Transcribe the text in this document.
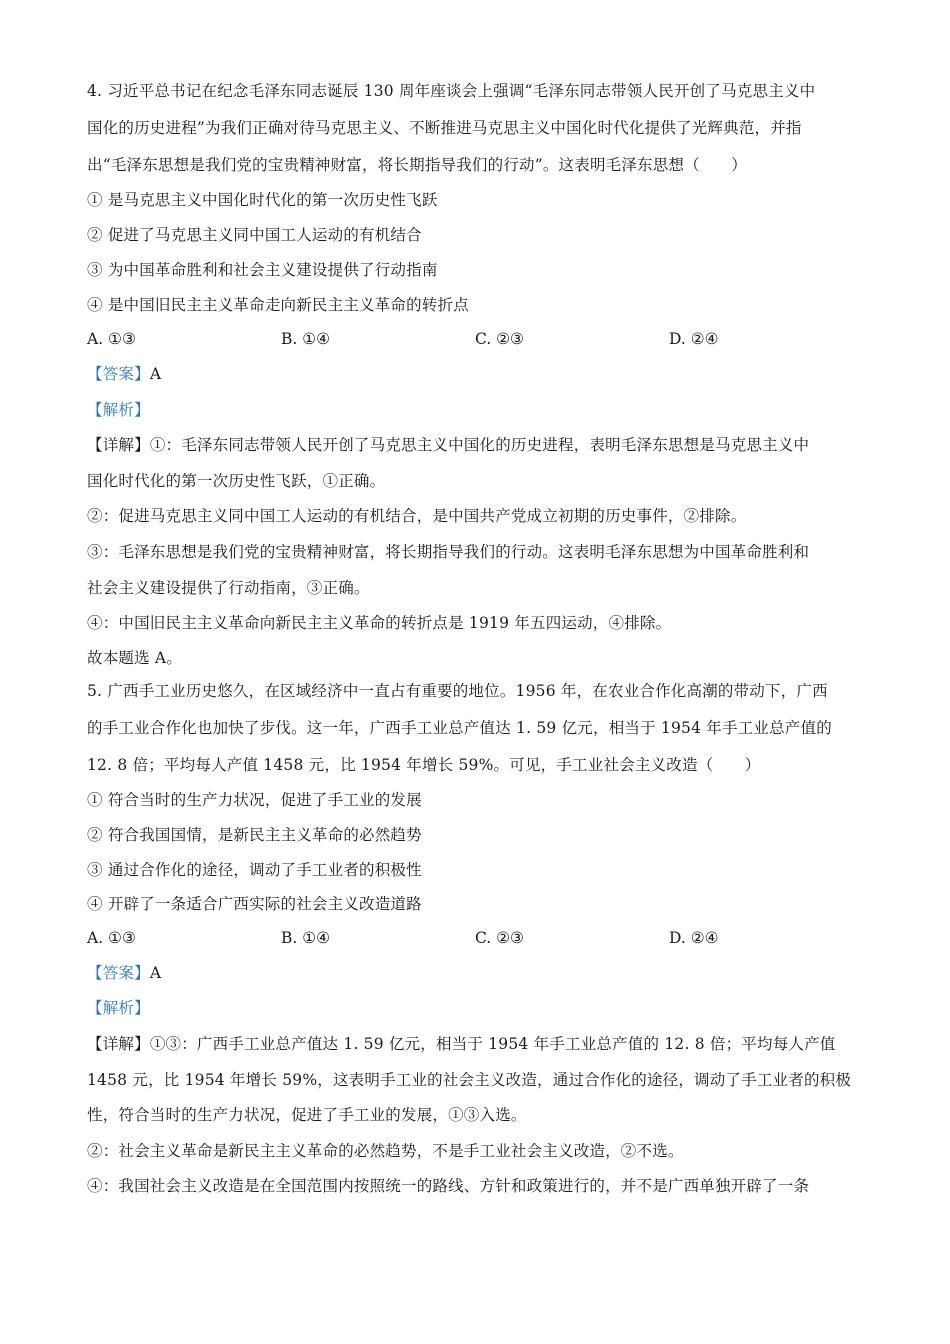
4. 习近平总书记在纪念毛泽东同志诞辰 130 周年座谈会上强调“毛泽东同志带领人民开创了马克思主义中
国化的历史进程”为我们正确对待马克思主义、不断推进马克思主义中国化时代化提供了光辉典范，并指
出“毛泽东思想是我们党的宝贵精神财富，将长期指导我们的行动”。这表明毛泽东思想（　　）
① 是马克思主义中国化时代化的第一次历史性飞跃
② 促进了马克思主义同中国工人运动的有机结合
③ 为中国革命胜利和社会主义建设提供了行动指南
④ 是中国旧民主主义革命走向新民主主义革命的转折点
A. ①③	B. ①④	C. ②③	D. ②④
【答案】A
【解析】
【详解】①：毛泽东同志带领人民开创了马克思主义中国化的历史进程，表明毛泽东思想是马克思主义中
国化时代化的第一次历史性飞跃，①正确。
②：促进马克思主义同中国工人运动的有机结合，是中国共产党成立初期的历史事件，②排除。
③：毛泽东思想是我们党的宝贵精神财富，将长期指导我们的行动。这表明毛泽东思想为中国革命胜利和
社会主义建设提供了行动指南，③正确。
④：中国旧民主主义革命向新民主主义革命的转折点是 1919 年五四运动，④排除。
故本题选 A。
5. 广西手工业历史悠久，在区域经济中一直占有重要的地位。1956 年，在农业合作化高潮的带动下，广西
的手工业合作化也加快了步伐。这一年，广西手工业总产值达 1. 59 亿元，相当于 1954 年手工业总产值的
12. 8 倍；平均每人产值 1458 元，比 1954 年增长 59%。可见，手工业社会主义改造（　　）
① 符合当时的生产力状况，促进了手工业的发展
② 符合我国国情，是新民主主义革命的必然趋势
③ 通过合作化的途径，调动了手工业者的积极性
④ 开辟了一条适合广西实际的社会主义改造道路
A. ①③	B. ①④	C. ②③	D. ②④
【答案】A
【解析】
【详解】①③：广西手工业总产值达 1. 59 亿元，相当于 1954 年手工业总产值的 12. 8 倍；平均每人产值
1458 元，比 1954 年增长 59%，这表明手工业的社会主义改造，通过合作化的途径，调动了手工业者的积极
性，符合当时的生产力状况，促进了手工业的发展，①③入选。
②：社会主义革命是新民主主义革命的必然趋势，不是手工业社会主义改造，②不选。
④：我国社会主义改造是在全国范围内按照统一的路线、方针和政策进行的，并不是广西单独开辟了一条
